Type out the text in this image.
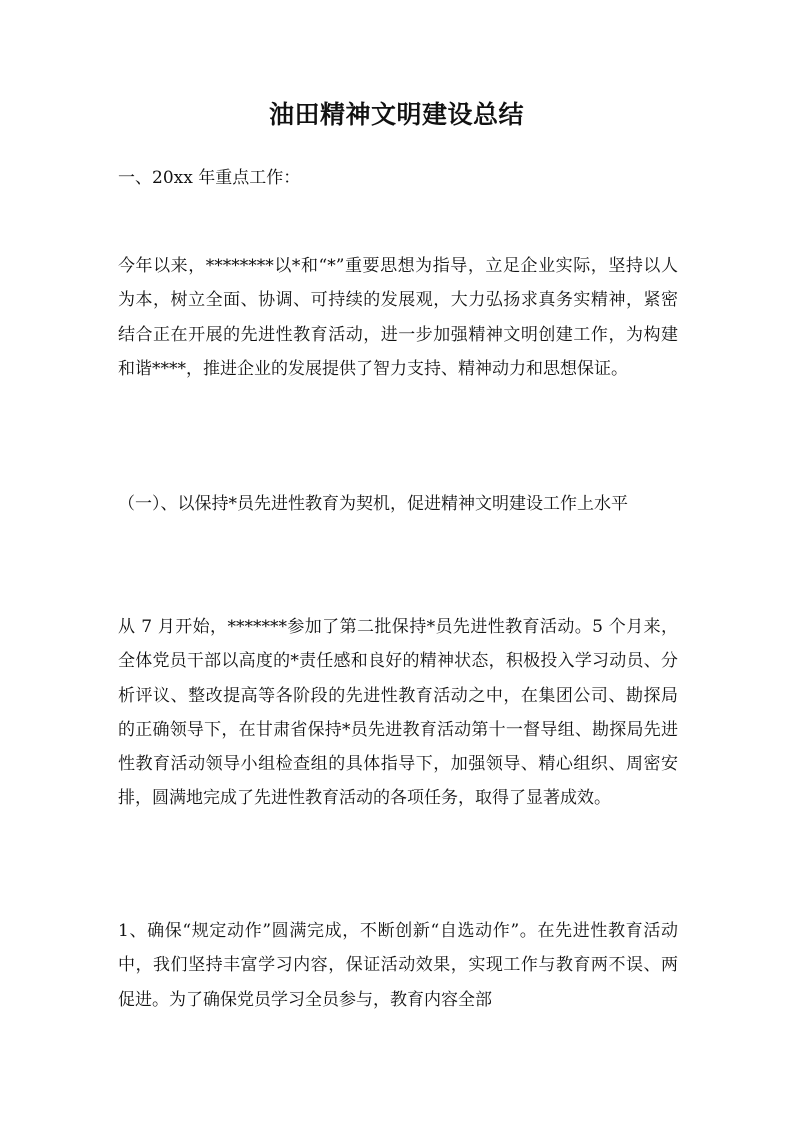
油田精神文明建设总结
一、20xx 年重点工作：

今年以来，********以*和“*”重要思想为指导，立足企业实际，坚持以人为本，树立全面、协调、可持续的发展观，大力弘扬求真务实精神，紧密结合正在开展的先进性教育活动，进一步加强精神文明创建工作，为构建和谐****，推进企业的发展提供了智力支持、精神动力和思想保证。

（一）、以保持*员先进性教育为契机，促进精神文明建设工作上水平

从 7 月开始，*******参加了第二批保持*员先进性教育活动。5 个月来，全体党员干部以高度的*责任感和良好的精神状态，积极投入学习动员、分析评议、整改提高等各阶段的先进性教育活动之中，在集团公司、勘探局的正确领导下，在甘肃省保持*员先进教育活动第十一督导组、勘探局先进性教育活动领导小组检查组的具体指导下，加强领导、精心组织、周密安排，圆满地完成了先进性教育活动的各项任务，取得了显著成效。

1、确保“规定动作”圆满完成，不断创新“自选动作”。在先进性教育活动中，我们坚持丰富学习内容，保证活动效果，实现工作与教育两不误、两促进。为了确保党员学习全员参与，教育内容全部
